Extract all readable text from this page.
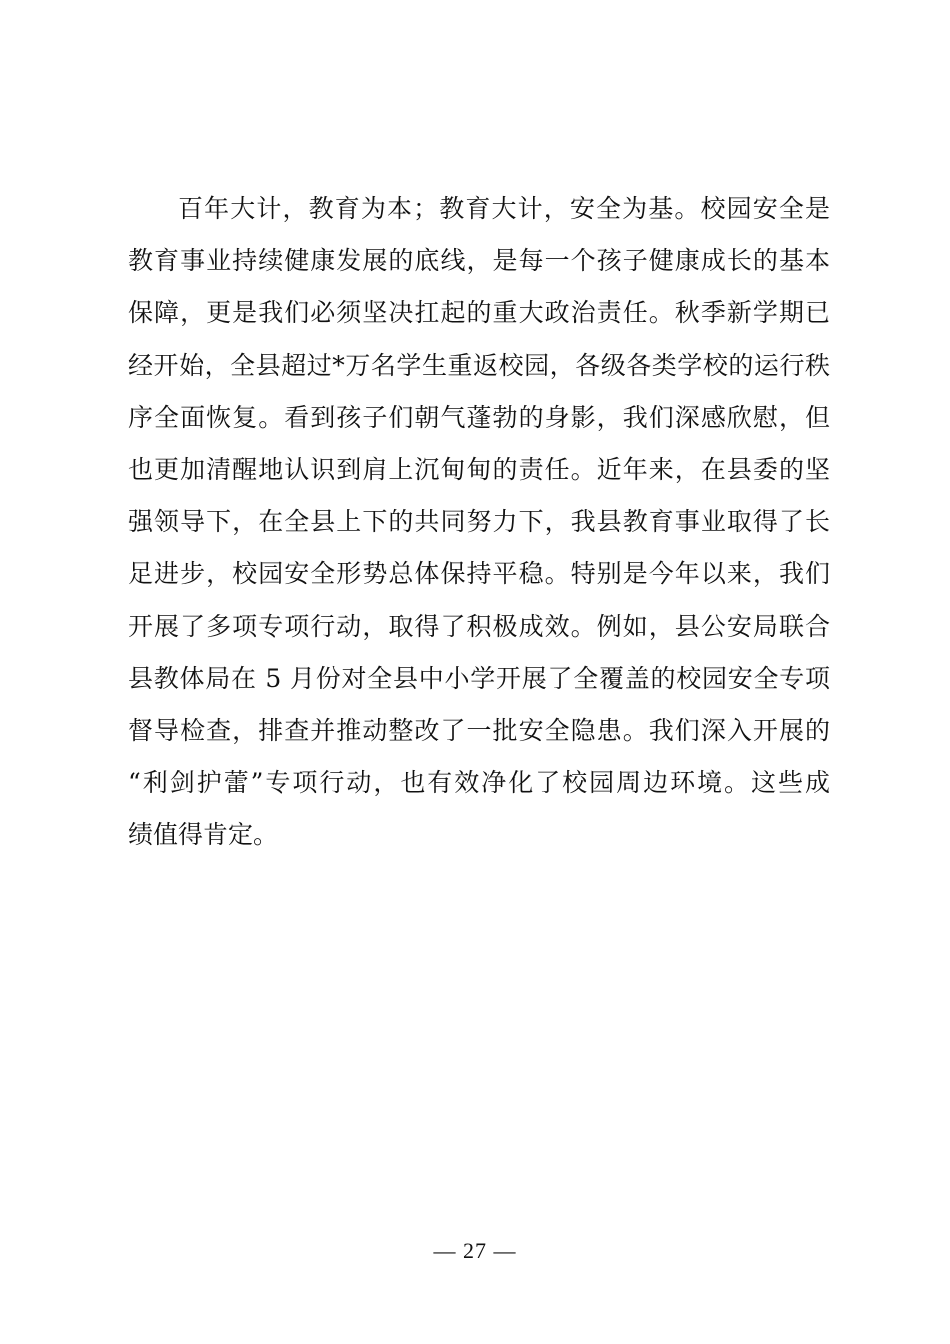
百年大计，教育为本；教育大计，安全为基。校园安全是
教育事业持续健康发展的底线，是每一个孩子健康成长的基本
保障，更是我们必须坚决扛起的重大政治责任。秋季新学期已
经开始，全县超过*万名学生重返校园，各级各类学校的运行秩
序全面恢复。看到孩子们朝气蓬勃的身影，我们深感欣慰，但
也更加清醒地认识到肩上沉甸甸的责任。近年来，在县委的坚
强领导下，在全县上下的共同努力下，我县教育事业取得了长
足进步，校园安全形势总体保持平稳。特别是今年以来，我们
开展了多项专项行动，取得了积极成效。例如，县公安局联合
县教体局在 5 月份对全县中小学开展了全覆盖的校园安全专项
督导检查，排查并推动整改了一批安全隐患。我们深入开展的
“利剑护蕾”专项行动，也有效净化了校园周边环境。这些成
绩值得肯定。
— 27 —
